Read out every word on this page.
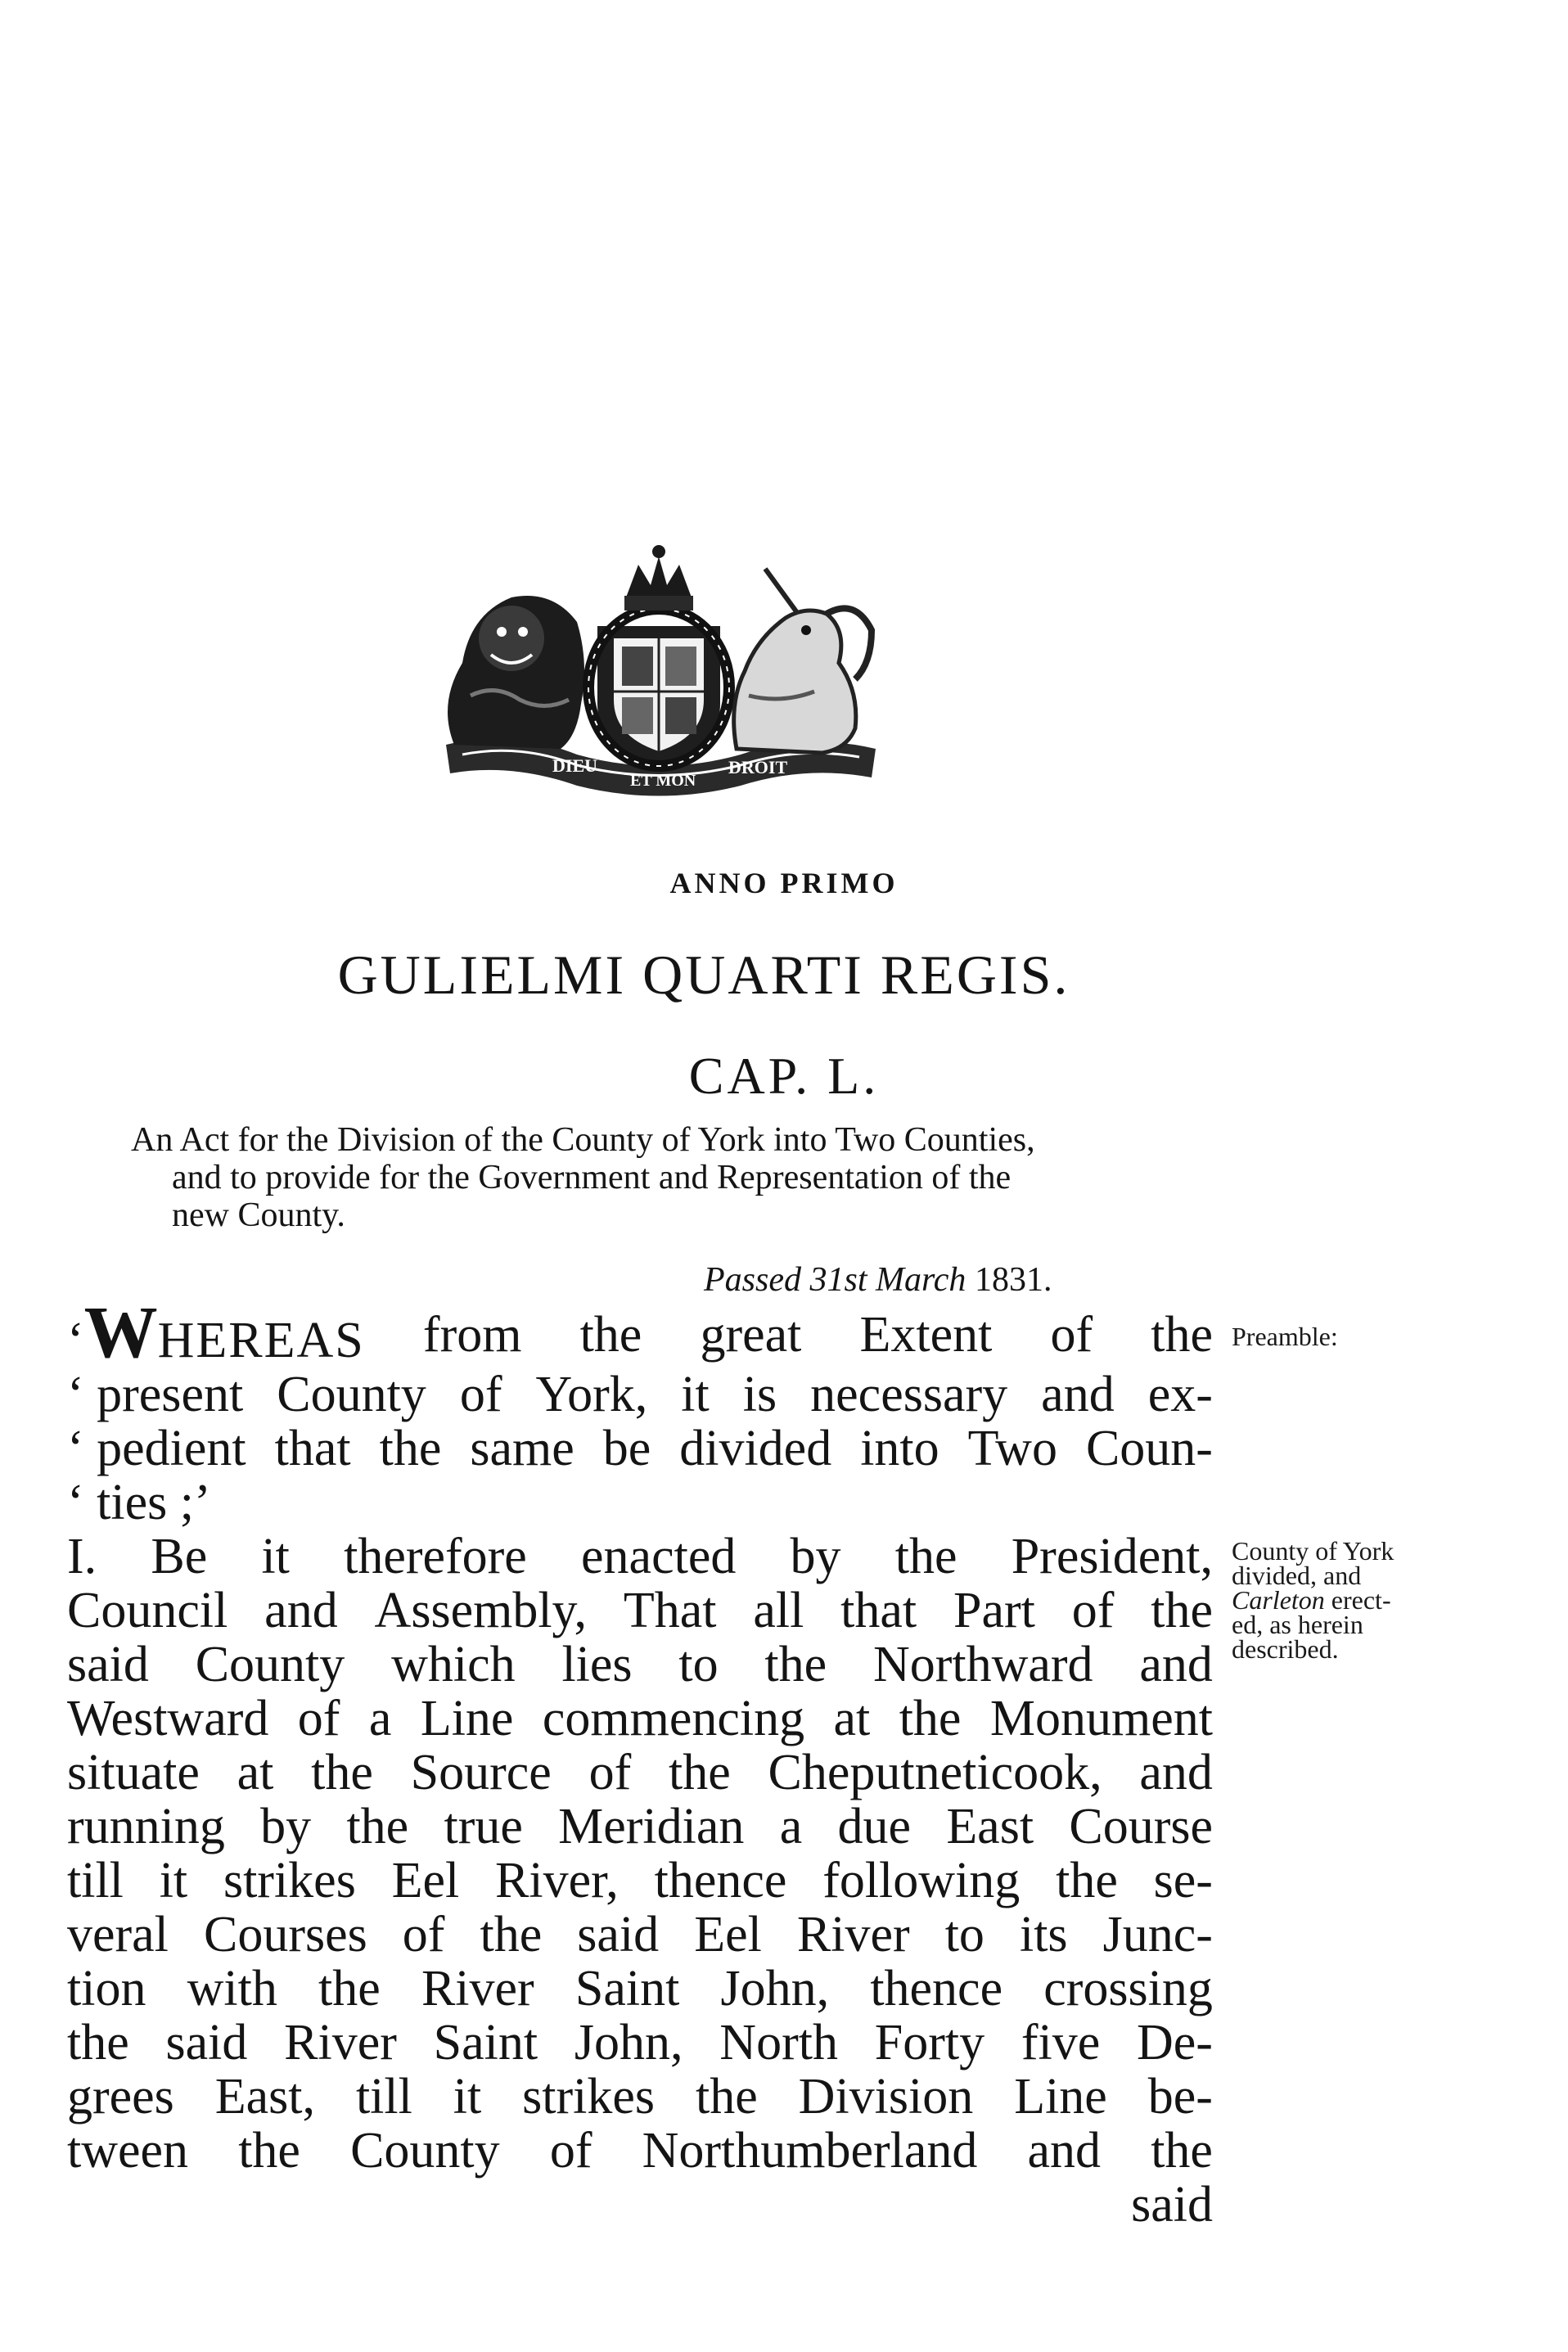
DIEU
ET MON
DROIT
ANNO PRIMO
GULIELMI QUARTI REGIS.
CAP. L.
An Act for the Division of the County of York into Two Counties,
and to provide for the Government and Representation of the
new County.
Passed 31st March 1831.
‘WHEREAS from the great Extent of the
‘ present County of York, it is necessary and ex-
‘ pedient that the same be divided into Two Coun-
‘ ties ;’
I. Be it therefore enacted by the President,
Council and Assembly, That all that Part of the
said County which lies to the Northward and
Westward of a Line commencing at the Monument
situate at the Source of the Cheputneticook, and
running by the true Meridian a due East Course
till it strikes Eel River, thence following the se-
veral Courses of the said Eel River to its Junc-
tion with the River Saint John, thence crossing
the said River Saint John, North Forty five De-
grees East, till it strikes the Division Line be-
tween the County of Northumberland and the
said
Preamble:
County of York
divided, and
Carleton erect-
ed, as herein
described.
